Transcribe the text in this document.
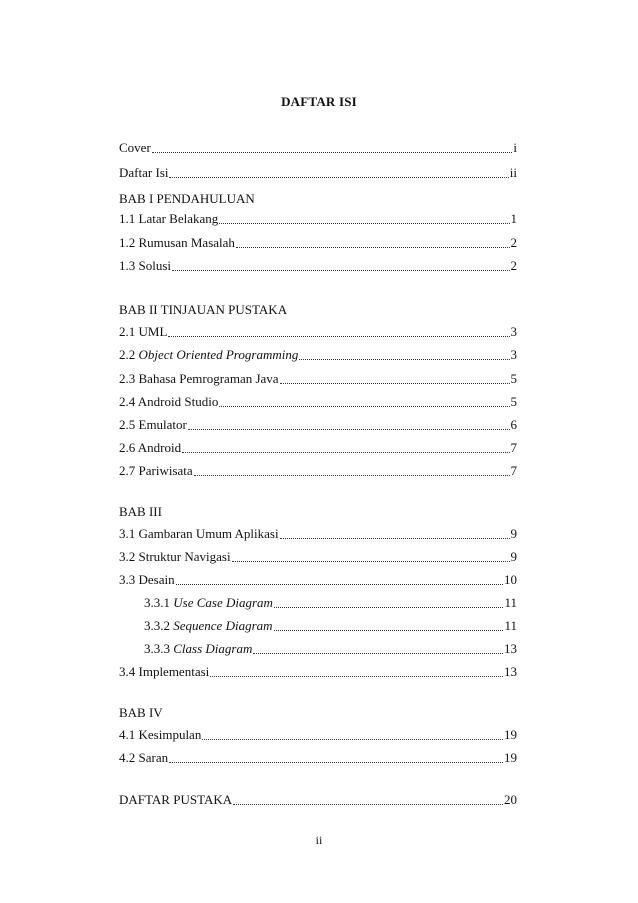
DAFTAR ISI
Cover	i
Daftar Isi	ii
BAB I PENDAHULUAN
1.1 Latar Belakang	1
1.2 Rumusan Masalah	2
1.3 Solusi	2
BAB II TINJAUAN PUSTAKA
2.1 UML	3
2.2 Object Oriented Programming	3
2.3 Bahasa Pemrograman Java	5
2.4 Android Studio	5
2.5 Emulator	6
2.6 Android	7
2.7 Pariwisata	7
BAB III
3.1 Gambaran Umum Aplikasi	9
3.2 Struktur Navigasi	9
3.3 Desain	10
3.3.1 Use Case Diagram	11
3.3.2 Sequence Diagram	11
3.3.3 Class Diagram	13
3.4 Implementasi	13
BAB IV
4.1 Kesimpulan	19
4.2 Saran	19
DAFTAR PUSTAKA	20
ii
